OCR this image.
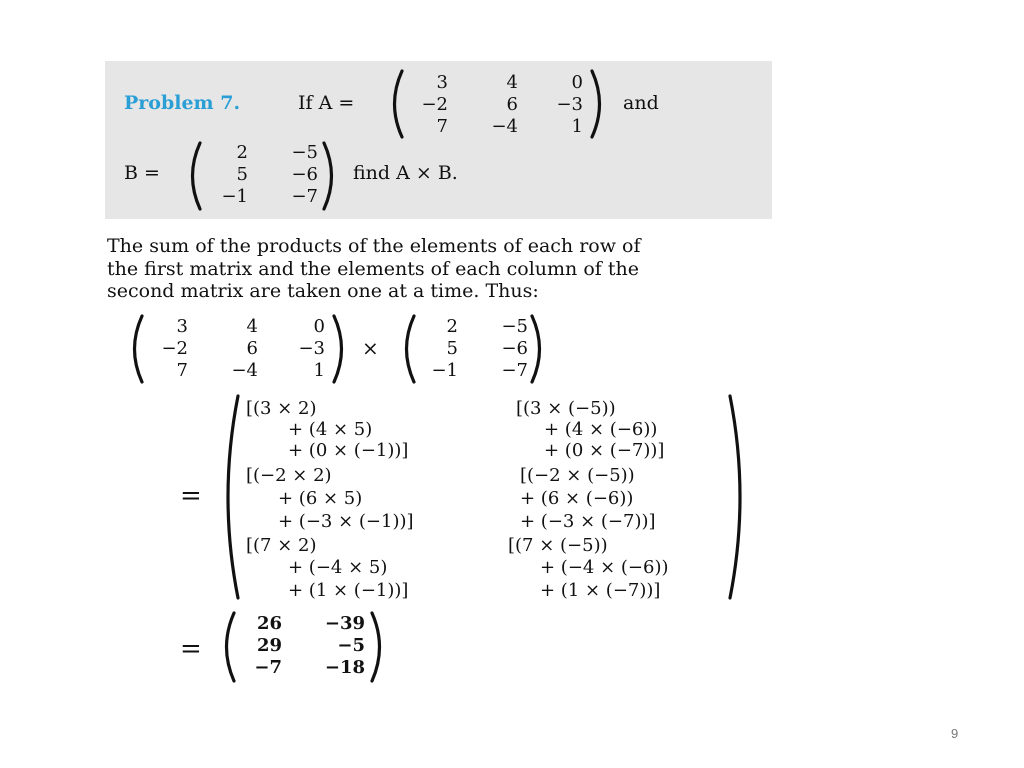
Problem 7.	If A =
3	4	0
−2	6	−3
7	−4	1
and
B =
2	−5
5	−6
−1	−7
find A × B.
The sum of the products of the elements of each row of
the first matrix and the elements of each column of the
second matrix are taken one at a time. Thus:
3	4	0
−2	6	−3
7	−4	1
×
2	−5
5	−6
−1	−7
=
[(3 × 2)
+ (4 × 5)
+ (0 × (−1))]
[(3 × (−5))
+ (4 × (−6))
+ (0 × (−7))]
[(−2 × 2)
+ (6 × 5)
+ (−3 × (−1))]
[(−2 × (−5))
+ (6 × (−6))
+ (−3 × (−7))]
[(7 × 2)
+ (−4 × 5)
+ (1 × (−1))]
[(7 × (−5))
+ (−4 × (−6))
+ (1 × (−7))]
=
26	−39
29	−5
−7	−18
9
